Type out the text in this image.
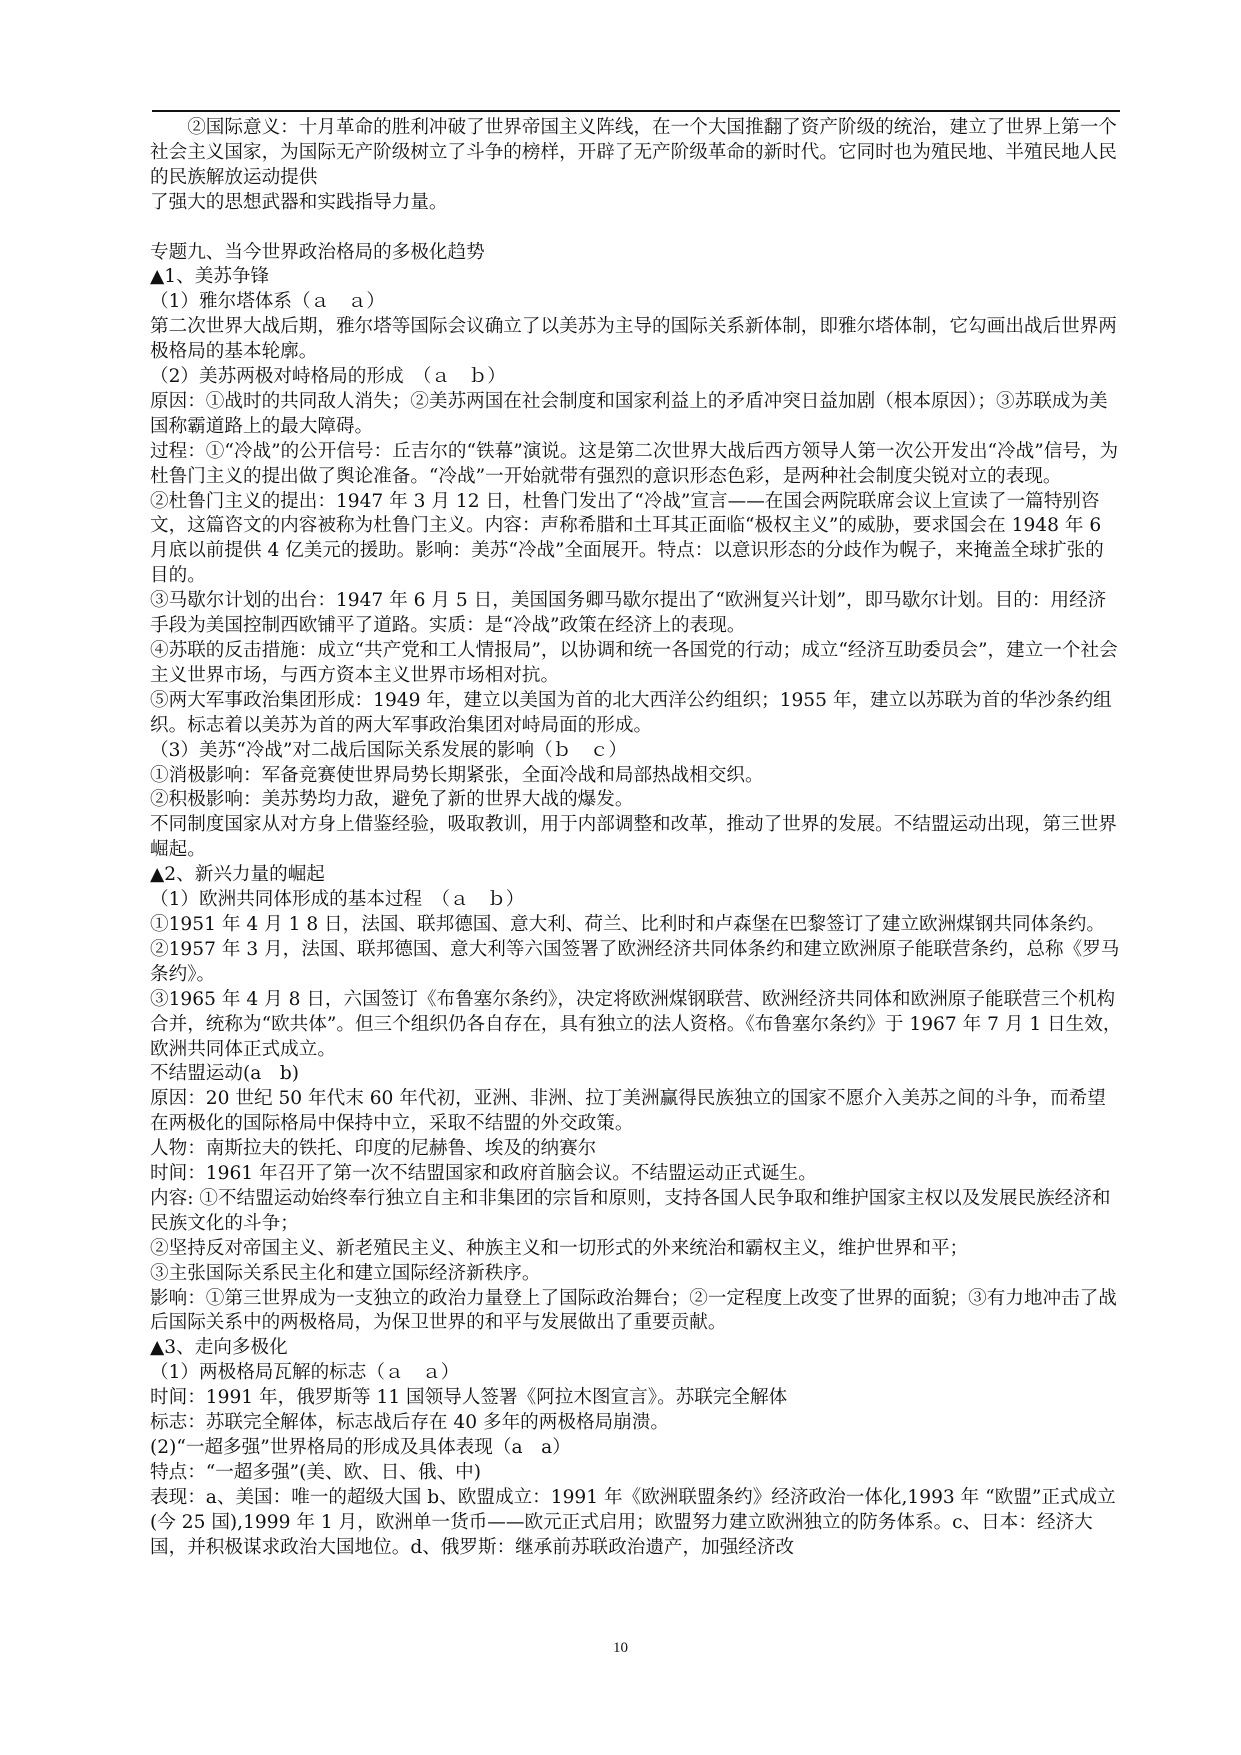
　　②国际意义：十月革命的胜利冲破了世界帝国主义阵线，在一个大国推翻了资产阶级的统治，建立了世界上第一个社会主义国家，为国际无产阶级树立了斗争的榜样，开辟了无产阶级革命的新时代。它同时也为殖民地、半殖民地人民的民族解放运动提供

了强大的思想武器和实践指导力量。

专题九、当今世界政治格局的多极化趋势

▲1、美苏争锋

（1）雅尔塔体系（ａ　ａ）

第二次世界大战后期，雅尔塔等国际会议确立了以美苏为主导的国际关系新体制，即雅尔塔体制，它勾画出战后世界两极格局的基本轮廓。

（2）美苏两极对峙格局的形成　（ａ　ｂ）

原因：①战时的共同敌人消失；②美苏两国在社会制度和国家利益上的矛盾冲突日益加剧（根本原因）；③苏联成为美国称霸道路上的最大障碍。

过程：①“冷战”的公开信号：丘吉尔的“铁幕”演说。这是第二次世界大战后西方领导人第一次公开发出“冷战”信号，为杜鲁门主义的提出做了舆论准备。“冷战”一开始就带有强烈的意识形态色彩，是两种社会制度尖锐对立的表现。

②杜鲁门主义的提出：1947 年 3 月 12 日，杜鲁门发出了“冷战”宣言——在国会两院联席会议上宣读了一篇特别咨文，这篇咨文的内容被称为杜鲁门主义。内容：声称希腊和土耳其正面临“极权主义”的威胁，要求国会在 1948 年 6 月底以前提供 4 亿美元的援助。影响：美苏“冷战”全面展开。特点：以意识形态的分歧作为幌子，来掩盖全球扩张的目的。

③马歇尔计划的出台：1947 年 6 月 5 日，美国国务卿马歇尔提出了“欧洲复兴计划”，即马歇尔计划。目的：用经济手段为美国控制西欧铺平了道路。实质：是“冷战”政策在经济上的表现。

④苏联的反击措施：成立“共产党和工人情报局”，以协调和统一各国党的行动；成立“经济互助委员会”，建立一个社会主义世界市场，与西方资本主义世界市场相对抗。

⑤两大军事政治集团形成：1949 年，建立以美国为首的北大西洋公约组织；1955 年，建立以苏联为首的华沙条约组织。标志着以美苏为首的两大军事政治集团对峙局面的形成。

（3）美苏“冷战”对二战后国际关系发展的影响（ｂ　ｃ）

①消极影响：军备竞赛使世界局势长期紧张，全面冷战和局部热战相交织。

②积极影响：美苏势均力敌，避免了新的世界大战的爆发。

不同制度国家从对方身上借鉴经验，吸取教训，用于内部调整和改革，推动了世界的发展。不结盟运动出现，第三世界崛起。

▲2、新兴力量的崛起

（1）欧洲共同体形成的基本过程　（ａ　ｂ）

①1951 年 4 月 1 8 日，法国、联邦德国、意大利、荷兰、比利时和卢森堡在巴黎签订了建立欧洲煤钢共同体条约。

②1957 年 3 月，法国、联邦德国、意大利等六国签署了欧洲经济共同体条约和建立欧洲原子能联营条约，总称《罗马条约》。

③1965 年 4 月 8 日，六国签订《布鲁塞尔条约》，决定将欧洲煤钢联营、欧洲经济共同体和欧洲原子能联营三个机构合并，统称为“欧共体”。但三个组织仍各自存在，具有独立的法人资格。《布鲁塞尔条约》于 1967 年 7 月 1 日生效，欧洲共同体正式成立。

不结盟运动(a　b)

原因：20 世纪 50 年代末 60 年代初，亚洲、非洲、拉丁美洲赢得民族独立的国家不愿介入美苏之间的斗争，而希望在两极化的国际格局中保持中立，采取不结盟的外交政策。

人物：南斯拉夫的铁托、印度的尼赫鲁、埃及的纳赛尔

时间：1961 年召开了第一次不结盟国家和政府首脑会议。不结盟运动正式诞生。

内容: ①不结盟运动始终奉行独立自主和非集团的宗旨和原则，支持各国人民争取和维护国家主权以及发展民族经济和民族文化的斗争；

②坚持反对帝国主义、新老殖民主义、种族主义和一切形式的外来统治和霸权主义，维护世界和平；

③主张国际关系民主化和建立国际经济新秩序。

影响：①第三世界成为一支独立的政治力量登上了国际政治舞台；②一定程度上改变了世界的面貌；③有力地冲击了战后国际关系中的两极格局，为保卫世界的和平与发展做出了重要贡献。

▲3、走向多极化

（1）两极格局瓦解的标志（ａ　ａ）

时间：1991 年，俄罗斯等 11 国领导人签署《阿拉木图宣言》。苏联完全解体

标志：苏联完全解体，标志战后存在 40 多年的两极格局崩溃。

(2)“一超多强”世界格局的形成及具体表现（a　a）

特点：“一超多强”(美、欧、日、俄、中)

表现：a、美国：唯一的超级大国 b、欧盟成立：1991 年《欧洲联盟条约》经济政治一体化,1993 年 “欧盟”正式成立(今 25 国),1999 年 1 月，欧洲单一货币——欧元正式启用；欧盟努力建立欧洲独立的防务体系。c、日本：经济大国，并积极谋求政治大国地位。d、俄罗斯：继承前苏联政治遗产，加强经济改

10
